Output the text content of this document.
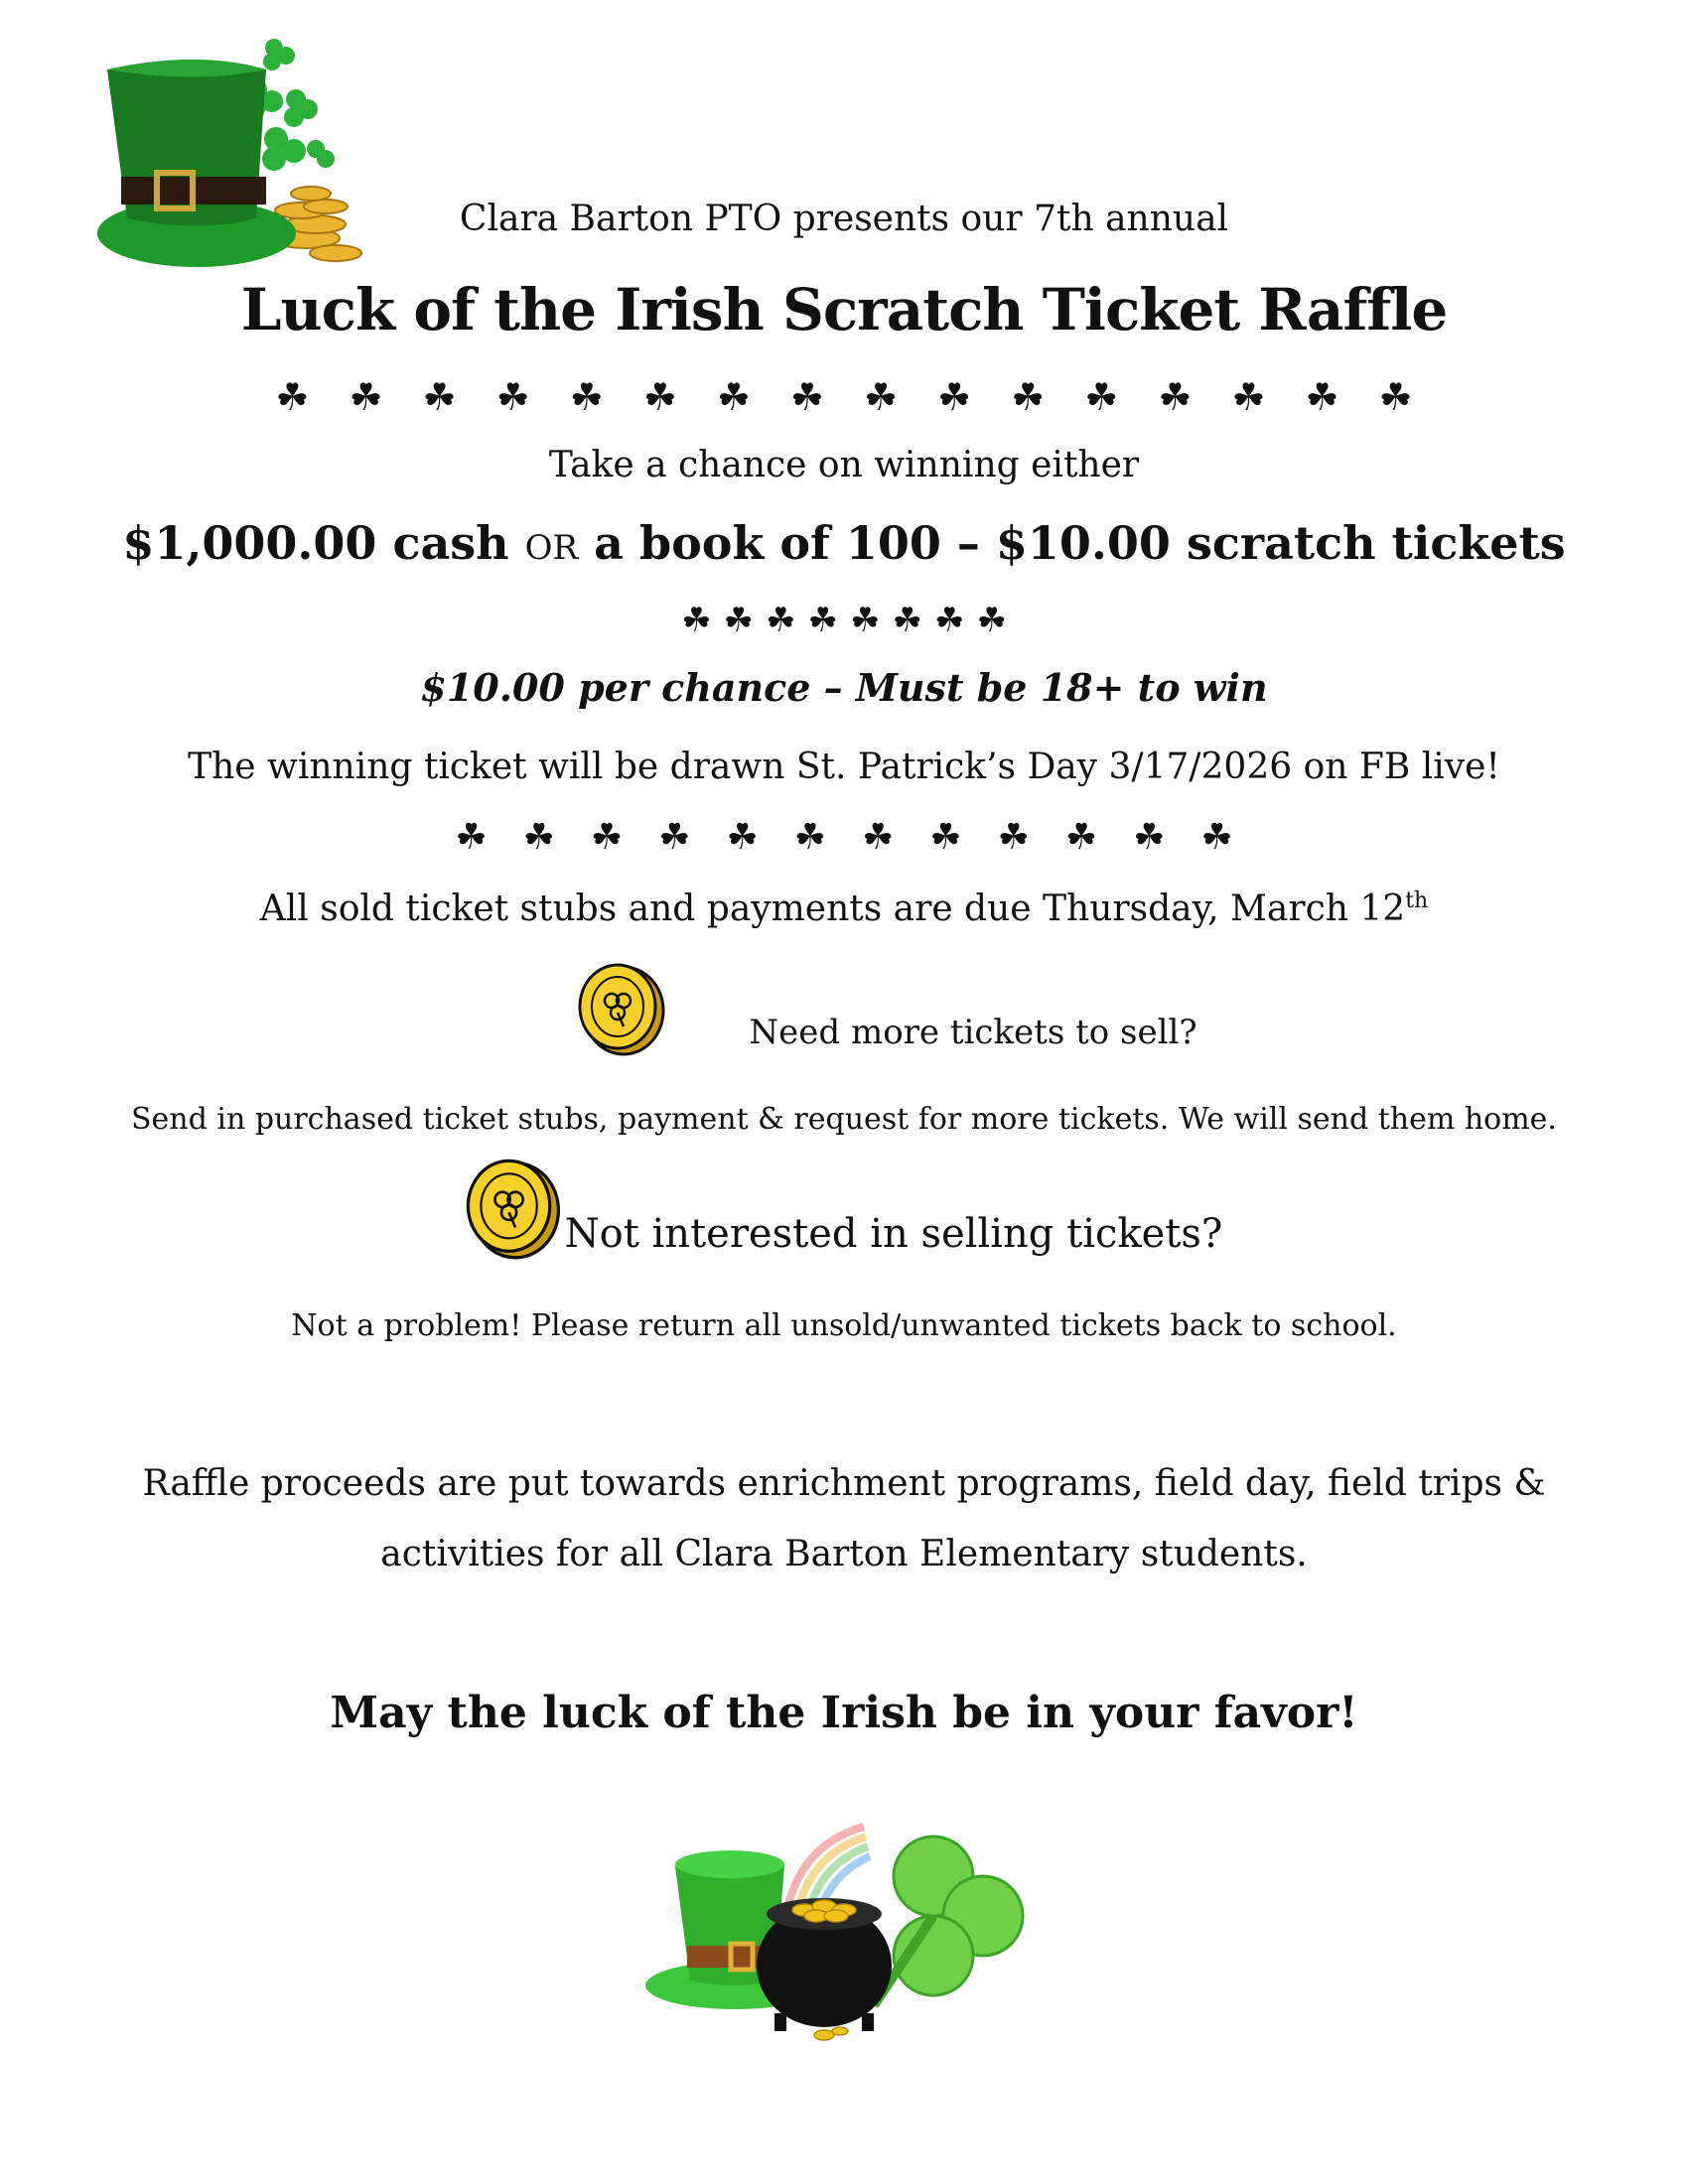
Clara Barton PTO presents our 7th annual
Luck of the Irish Scratch Ticket Raffle
☘ ☘ ☘ ☘ ☘ ☘ ☘ ☘ ☘ ☘ ☘ ☘ ☘ ☘ ☘ ☘
Take a chance on winning either
$1,000.00 cash OR a book of 100 – $10.00 scratch tickets
☘ ☘ ☘ ☘ ☘ ☘ ☘ ☘
$10.00 per chance – Must be 18+ to win
The winning ticket will be drawn St. Patrick’s Day 3/17/2026 on FB live!
☘ ☘ ☘ ☘ ☘ ☘ ☘ ☘ ☘ ☘ ☘ ☘
All sold ticket stubs and payments are due Thursday, March 12th
Need more tickets to sell?
Send in purchased ticket stubs, payment & request for more tickets. We will send them home.
Not interested in selling tickets?
Not a problem! Please return all unsold/unwanted tickets back to school.
Raffle proceeds are put towards enrichment programs, field day, field trips &
activities for all Clara Barton Elementary students.
May the luck of the Irish be in your favor!
